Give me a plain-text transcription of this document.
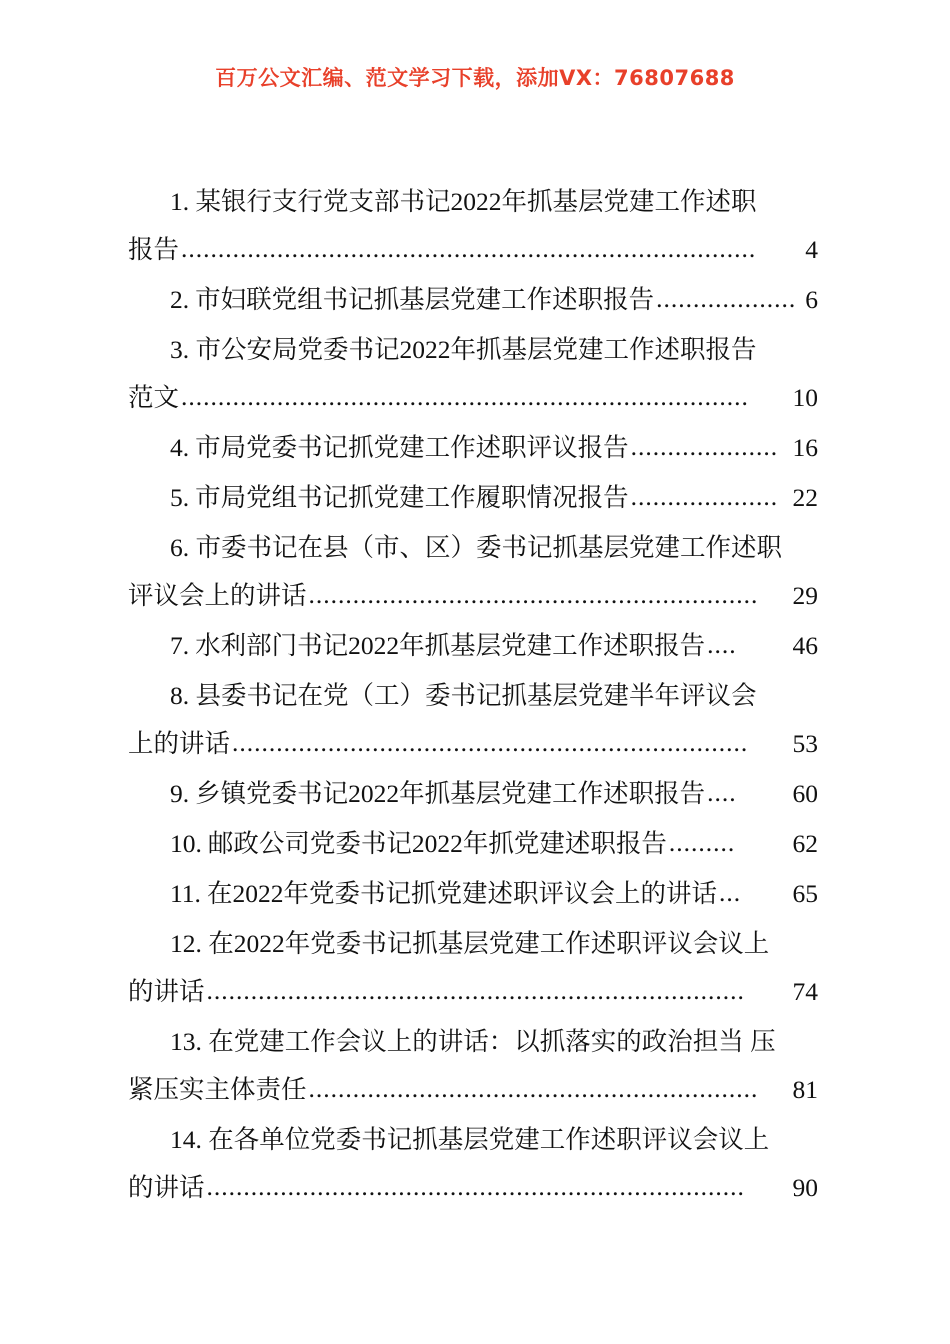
百万公文汇编、范文学习下载，添加VX：76807688
1. 某银行支行党支部书记2022年抓基层党建工作述职
报告 ..............................................................................	4
2. 市妇联党组书记抓基层党建工作述职报告 ................... 6
3. 市公安局党委书记2022年抓基层党建工作述职报告
范文 .............................................................................	10
4. 市局党委书记抓党建工作述职评议报告 .................... 16
5. 市局党组书记抓党建工作履职情况报告 .................... 22
6. 市委书记在县（市、区）委书记抓基层党建工作述职
评议会上的讲话 .............................................................	29
7. 水利部门书记2022年抓基层党建工作述职报告 ....	46
8. 县委书记在党（工）委书记抓基层党建半年评议会
上的讲话 ......................................................................	53
9. 乡镇党委书记2022年抓基层党建工作述职报告 ....	60
10. 邮政公司党委书记2022年抓党建述职报告 .........	62
11. 在2022年党委书记抓党建述职评议会上的讲话 ...	65
12. 在2022年党委书记抓基层党建工作述职评议会议上
的讲话 .........................................................................	74
13. 在党建工作会议上的讲话：以抓落实的政治担当 压
紧压实主体责任 .............................................................	81
14. 在各单位党委书记抓基层党建工作述职评议会议上
的讲话 .........................................................................	90
